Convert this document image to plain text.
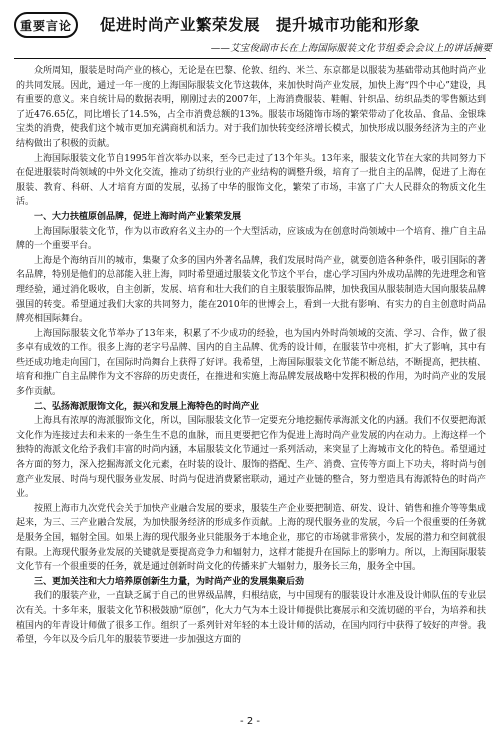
重要言论	促进时尚产业繁荣发展　提升城市功能和形象
——艾宝俊副市长在上海国际服装文化节组委会会议上的讲话摘要

众所周知，服装是时尚产业的核心，无论是在巴黎、伦敦、纽约、米兰、东京都是以服装为基础带动其他时尚产业的共同发展。因此，通过一年一度的上海国际服装文化节这载体，来加快时尚产业发展，加快上海“四个中心”建设，具有重要的意义。来自统计局的数据表明，刚刚过去的2007年，上海消费服装、鞋帽、针织品、纺织品类的零售额达到了近476.65亿，同比增长了14.5%，占全市消费总额的13%。服装市场随饰市场的繁荣带动了化妆品、食品、金银珠宝类的消费，使我们这个城市更加充满商机和活力。对于我们加快转变经济增长模式，加快形成以服务经济为主的产业结构做出了积极的贡献。

上海国际服装文化节自1995年首次举办以来，至今已走过了13个年头。13年来，服装文化节在大家的共同努力下在促进服装时尚领域的中外文化交流，推动了纺织行业的产业结构的调整升级，培育了一批自主的品牌，促进了上海在服装、教育、科研、人才培育方面的发展，弘扬了中华的服饰文化，繁荣了市场，丰富了广大人民群众的物质文化生活。

一、大力扶植原创品牌，促进上海时尚产业繁荣发展

上海国际服装文化节，作为以市政府名义主办的一个大型活动，应该成为在创意时尚领域中一个培育、推广自主品牌的一个重要平台。

上海是个海纳百川的城市，集聚了众多的国内外著名品牌，我们发展时尚产业，就要创造各种条件，吸引国际的著名品牌，特别是他们的总部能入驻上海，同时希望通过服装文化节这个平台，虚心学习国内外成功品牌的先进理念和管理经验，通过消化吸收，自主创新，发展、培育和壮大我们的自主服装服饰品牌，加快我国从服装制造大国向服装品牌强国的转变。希望通过我们大家的共同努力，能在2010年的世博会上，看到一大批有影响、有实力的自主创意时尚品牌亮相国际舞台。

上海国际服装文化节举办了13年来，积累了不少成功的经验，也为国内外时尚领域的交流、学习、合作，做了很多卓有成效的工作。很多上海的老字号品牌、国内的自主品牌、优秀的设计师，在服装节中亮相，扩大了影响，其中有些还成功地走向国门，在国际时尚舞台上获得了好评。我希望，上海国际服装文化节能不断总结，不断提高，把扶植、培育和推广自主品牌作为文不容辞的历史责任，在推进和实施上海品牌发展战略中发挥积极的作用，为时尚产业的发展多作贡献。

二、弘扬海派服饰文化，振兴和发展上海特色的时尚产业

上海具有浓厚的海派服饰文化，所以，国际服装文化节一定要充分地挖掘传承海派文化的内涵。我们不仅要把海派文化作为连接过去和未来的一条生生不息的血脉，而且更要把它作为促进上海时尚产业发展的内在动力。上海这样一个独特的海派文化给予我们丰富的时尚内涵，本届服装文化节通过一系列活动，来突显了上海城市文化的特色。希望通过各方面的努力，深入挖掘海派文化元素，在时装的设计、服饰的搭配、生产、消费、宣传等方面上下功夫，将时尚与创意产业发展、时尚与现代服务业发展、时尚与促进消费紧密联动，通过产业链的整合，努力塑造具有海派特色的时尚产业。

按照上海市九次党代会关于加快产业融合发展的要求，服装生产企业要把制造、研发、设计、销售和推介等等集成起来，为三、三产业融合发展，为加快服务经济的形成多作贡献。上海的现代服务业的发展，今后一个很重要的任务就是服务全国，辐射全国。如果上海的现代服务业只能服务于本地企业，那它的市场就非常狭小，发展的潜力和空间就很有限。上海现代服务业发展的关键就是要提高竞争力和辐射力，这样才能提升在国际上的影响力。所以，上海国际服装文化节有一个很重要的任务，就是通过创新时尚文化的传播来扩大辐射力，服务长三角，服务全中国。

三、更加关注和大力培养原创新生力量，为时尚产业的发展集聚后劲

我们的服装产业，一直缺乏属于自己的世界级品牌，归根结底，与中国现有的服装设计水准及设计师队伍的专业层次有关。十多年来，服装文化节积极鼓励“原创”，化大力气为本土设计师提供比赛展示和交流切磋的平台，为培养和扶植国内的年青设计师做了很多工作。组织了一系列针对年轻的本土设计师的活动，在国内同行中获得了较好的声誉。我希望，今年以及今后几年的服装节要进一步加强这方面的

- 2 -
